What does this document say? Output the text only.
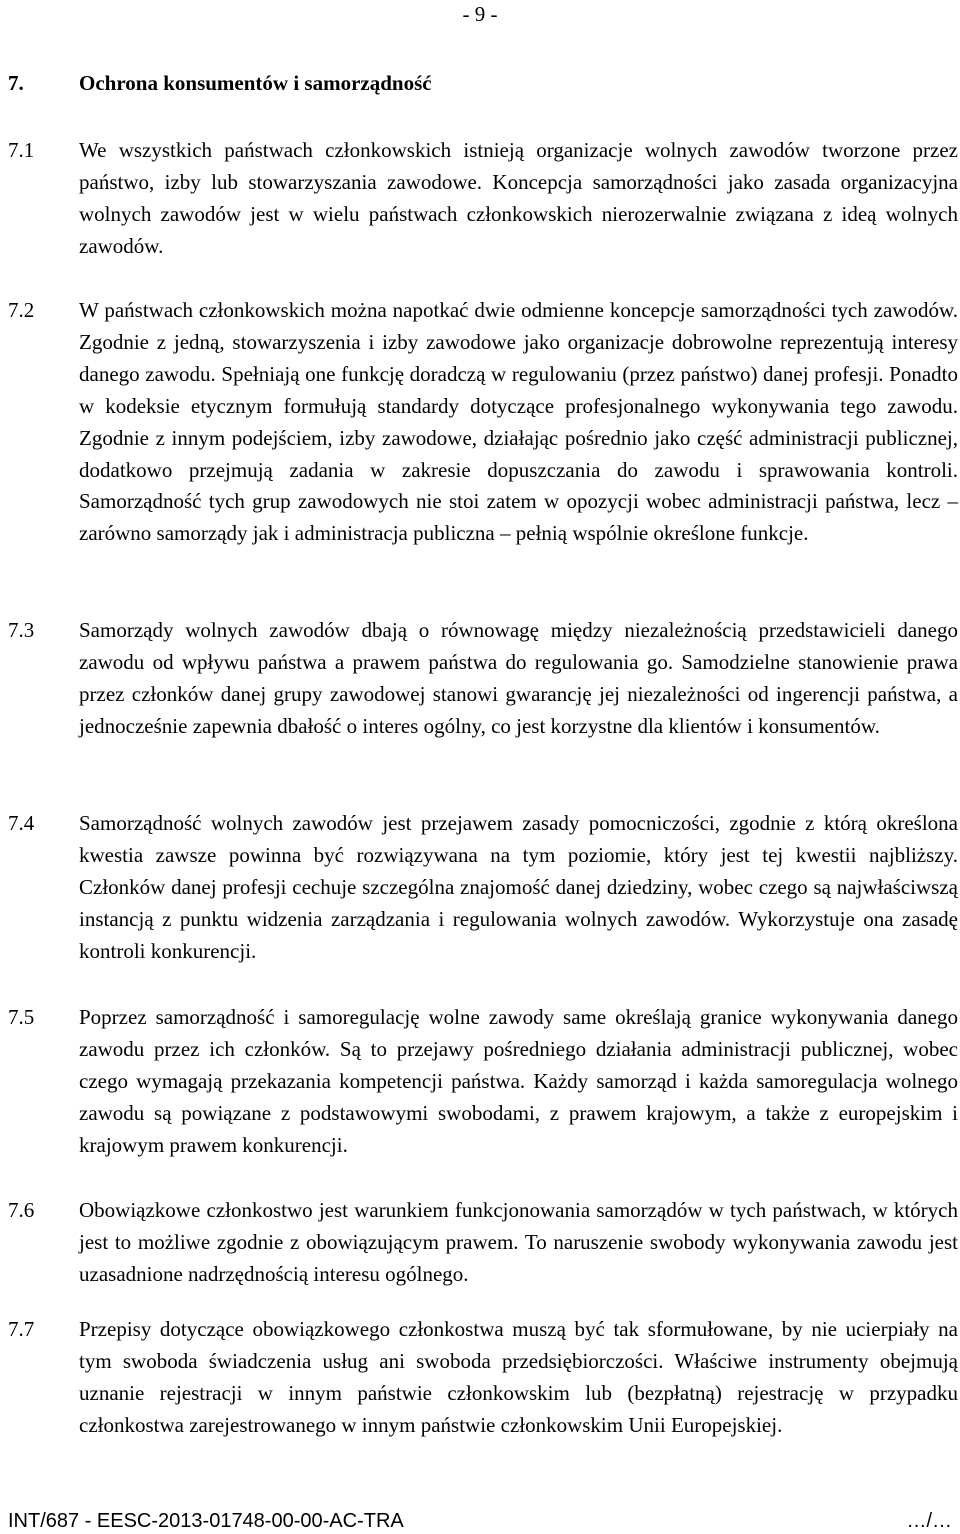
- 9 -
7.	Ochrona konsumentów i samorządność
7.1 We wszystkich państwach członkowskich istnieją organizacje wolnych zawodów tworzone przez państwo, izby lub stowarzyszania zawodowe. Koncepcja samorządności jako zasada organizacyjna wolnych zawodów jest w wielu państwach członkowskich nierozerwalnie związana z ideą wolnych zawodów.
7.2 W państwach członkowskich można napotkać dwie odmienne koncepcje samorządności tych zawodów. Zgodnie z jedną, stowarzyszenia i izby zawodowe jako organizacje dobrowolne reprezentują interesy danego zawodu. Spełniają one funkcję doradczą w regulowaniu (przez państwo) danej profesji. Ponadto w kodeksie etycznym formułują standardy dotyczące profesjonalnego wykonywania tego zawodu. Zgodnie z innym podejściem, izby zawodowe, działając pośrednio jako część administracji publicznej, dodatkowo przejmują zadania w zakresie dopuszczania do zawodu i sprawowania kontroli. Samorządność tych grup zawodowych nie stoi zatem w opozycji wobec administracji państwa, lecz – zarówno samorządy jak i administracja publiczna – pełnią wspólnie określone funkcje.
7.3 Samorządy wolnych zawodów dbają o równowagę między niezależnością przedstawicieli danego zawodu od wpływu państwa a prawem państwa do regulowania go. Samodzielne stanowienie prawa przez członków danej grupy zawodowej stanowi gwarancję jej niezależności od ingerencji państwa, a jednocześnie zapewnia dbałość o interes ogólny, co jest korzystne dla klientów i konsumentów.
7.4 Samorządność wolnych zawodów jest przejawem zasady pomocniczości, zgodnie z którą określona kwestia zawsze powinna być rozwiązywana na tym poziomie, który jest tej kwestii najbliższy. Członków danej profesji cechuje szczególna znajomość danej dziedziny, wobec czego są najwłaściwszą instancją z punktu widzenia zarządzania i regulowania wolnych zawodów. Wykorzystuje ona zasadę kontroli konkurencji.
7.5 Poprzez samorządność i samoregulację wolne zawody same określają granice wykonywania danego zawodu przez ich członków. Są to przejawy pośredniego działania administracji publicznej, wobec czego wymagają przekazania kompetencji państwa. Każdy samorząd i każda samoregulacja wolnego zawodu są powiązane z podstawowymi swobodami, z prawem krajowym, a także z europejskim i krajowym prawem konkurencji.
7.6 Obowiązkowe członkostwo jest warunkiem funkcjonowania samorządów w tych państwach, w których jest to możliwe zgodnie z obowiązującym prawem. To naruszenie swobody wykonywania zawodu jest uzasadnione nadrzędnością interesu ogólnego.
7.7 Przepisy dotyczące obowiązkowego członkostwa muszą być tak sformułowane, by nie ucierpiały na tym swoboda świadczenia usług ani swoboda przedsiębiorczości. Właściwe instrumenty obejmują uznanie rejestracji w innym państwie członkowskim lub (bezpłatną) rejestrację w przypadku członkostwa zarejestrowanego w innym państwie członkowskim Unii Europejskiej.
INT/687 - EESC-2013-01748-00-00-AC-TRA	…/…
